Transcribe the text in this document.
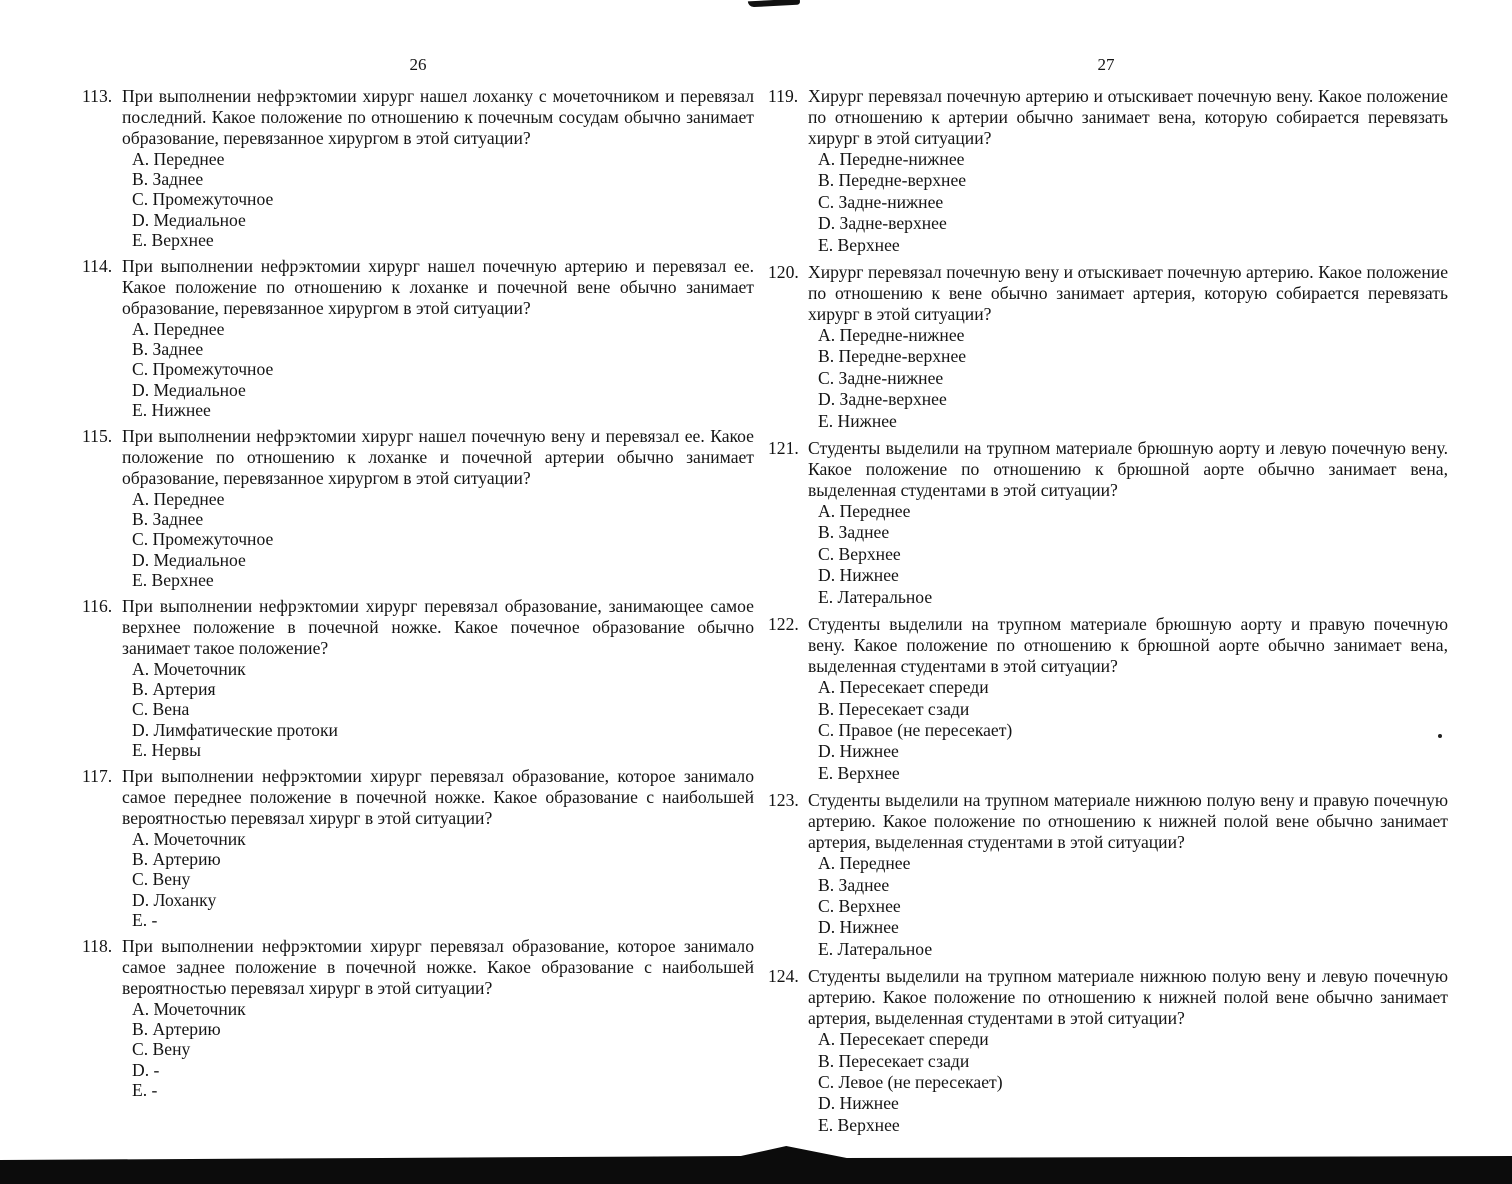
26
113. При выполнении нефрэктомии хирург нашел лоханку с мочеточником и перевязал последний. Какое положение по отношению к почечным сосудам обычно занимает образование, перевязанное хирургом в этой ситуации?
A. Переднее
B. Заднее
C. Промежуточное
D. Медиальное
E. Верхнее
114. При выполнении нефрэктомии хирург нашел почечную артерию и перевязал ее. Какое положение по отношению к лоханке и почечной вене обычно занимает образование, перевязанное хирургом в этой ситуации?
A. Переднее
B. Заднее
C. Промежуточное
D. Медиальное
E. Нижнее
115. При выполнении нефрэктомии хирург нашел почечную вену и перевязал ее. Какое положение по отношению к лоханке и почечной артерии обычно занимает образование, перевязанное хирургом в этой ситуации?
A. Переднее
B. Заднее
C. Промежуточное
D. Медиальное
E. Верхнее
116. При выполнении нефрэктомии хирург перевязал образование, занимающее самое верхнее положение в почечной ножке. Какое почечное образование обычно занимает такое положение?
A. Мочеточник
B. Артерия
C. Вена
D. Лимфатические протоки
E. Нервы
117. При выполнении нефрэктомии хирург перевязал образование, которое занимало самое переднее положение в почечной ножке. Какое образование с наибольшей вероятностью перевязал хирург в этой ситуации?
A. Мочеточник
B. Артерию
C. Вену
D. Лоханку
E. -
118. При выполнении нефрэктомии хирург перевязал образование, которое занимало самое заднее положение в почечной ножке. Какое образование с наибольшей вероятностью перевязал хирург в этой ситуации?
A. Мочеточник
B. Артерию
C. Вену
D. -
E. -
27
119. Хирург перевязал почечную артерию и отыскивает почечную вену. Какое положение по отношению к артерии обычно занимает вена, которую собирается перевязать хирург в этой ситуации?
A. Передне-нижнее
B. Передне-верхнее
C. Задне-нижнее
D. Задне-верхнее
E. Верхнее
120. Хирург перевязал почечную вену и отыскивает почечную артерию. Какое положение по отношению к вене обычно занимает артерия, которую собирается перевязать хирург в этой ситуации?
A. Передне-нижнее
B. Передне-верхнее
C. Задне-нижнее
D. Задне-верхнее
E. Нижнее
121. Студенты выделили на трупном материале брюшную аорту и левую почечную вену. Какое положение по отношению к брюшной аорте обычно занимает вена, выделенная студентами в этой ситуации?
A. Переднее
B. Заднее
C. Верхнее
D. Нижнее
E. Латеральное
122. Студенты выделили на трупном материале брюшную аорту и правую почечную вену. Какое положение по отношению к брюшной аорте обычно занимает вена, выделенная студентами в этой ситуации?
A. Пересекает спереди
B. Пересекает сзади
C. Правое (не пересекает)
D. Нижнее
E. Верхнее
123. Студенты выделили на трупном материале нижнюю полую вену и правую почечную артерию. Какое положение по отношению к нижней полой вене обычно занимает артерия, выделенная студентами в этой ситуации?
A. Переднее
B. Заднее
C. Верхнее
D. Нижнее
E. Латеральное
124. Студенты выделили на трупном материале нижнюю полую вену и левую почечную артерию. Какое положение по отношению к нижней полой вене обычно занимает артерия, выделенная студентами в этой ситуации?
A. Пересекает спереди
B. Пересекает сзади
C. Левое (не пересекает)
D. Нижнее
E. Верхнее
